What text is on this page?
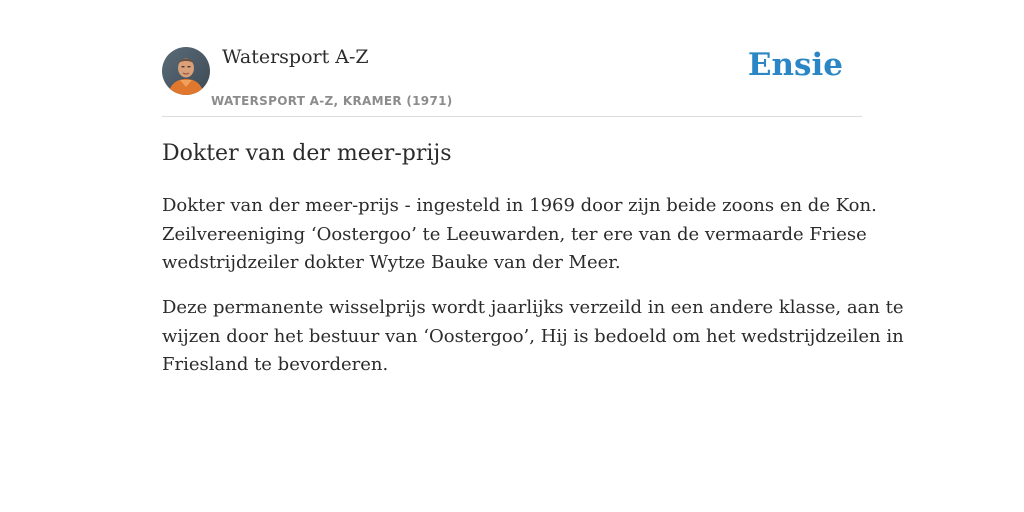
Watersport A-Z
WATERSPORT A-Z, KRAMER (1971)
Ensie
Dokter van der meer-prijs

Dokter van der meer-prijs - ingesteld in 1969 door zijn beide zoons en de Kon.
Zeilvereeniging ‘Oostergoo’ te Leeuwarden, ter ere van de vermaarde Friese
wedstrijdzeiler dokter Wytze Bauke van der Meer.

Deze permanente wisselprijs wordt jaarlijks verzeild in een andere klasse, aan te
wijzen door het bestuur van ‘Oostergoo’, Hij is bedoeld om het wedstrijdzeilen in
Friesland te bevorderen.
